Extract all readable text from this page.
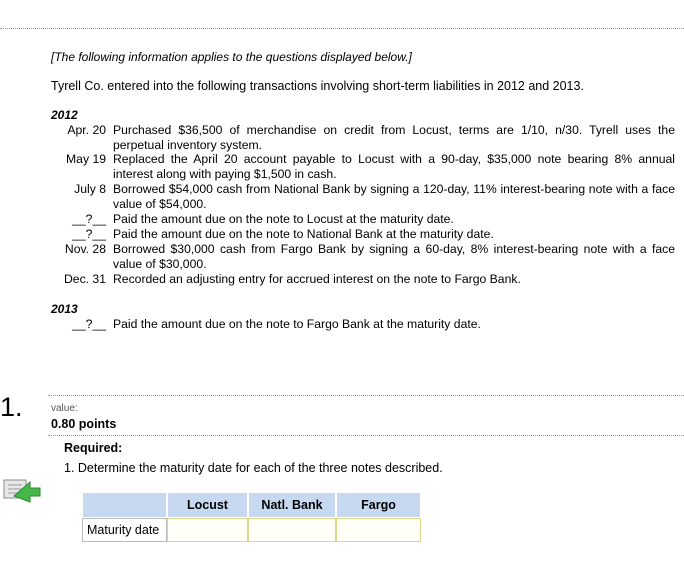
[The following information applies to the questions displayed below.]
Tyrell Co. entered into the following transactions involving short-term liabilities in 2012 and 2013.
2012
Apr. 20 Purchased $36,500 of merchandise on credit from Locust, terms are 1/10, n/30. Tyrell uses the perpetual inventory system.
May 19 Replaced the April 20 account payable to Locust with a 90-day, $35,000 note bearing 8% annual interest along with paying $1,500 in cash.
July 8 Borrowed $54,000 cash from National Bank by signing a 120-day, 11% interest-bearing note with a face value of $54,000.
__?__ Paid the amount due on the note to Locust at the maturity date.
__?__ Paid the amount due on the note to National Bank at the maturity date.
Nov. 28 Borrowed $30,000 cash from Fargo Bank by signing a 60-day, 8% interest-bearing note with a face value of $30,000.
Dec. 31 Recorded an adjusting entry for accrued interest on the note to Fargo Bank.
2013
__?__ Paid the amount due on the note to Fargo Bank at the maturity date.
1.	value:
0.80 points
Required:
1. Determine the maturity date for each of the three notes described.
	Locust	Natl. Bank	Fargo
Maturity date			
